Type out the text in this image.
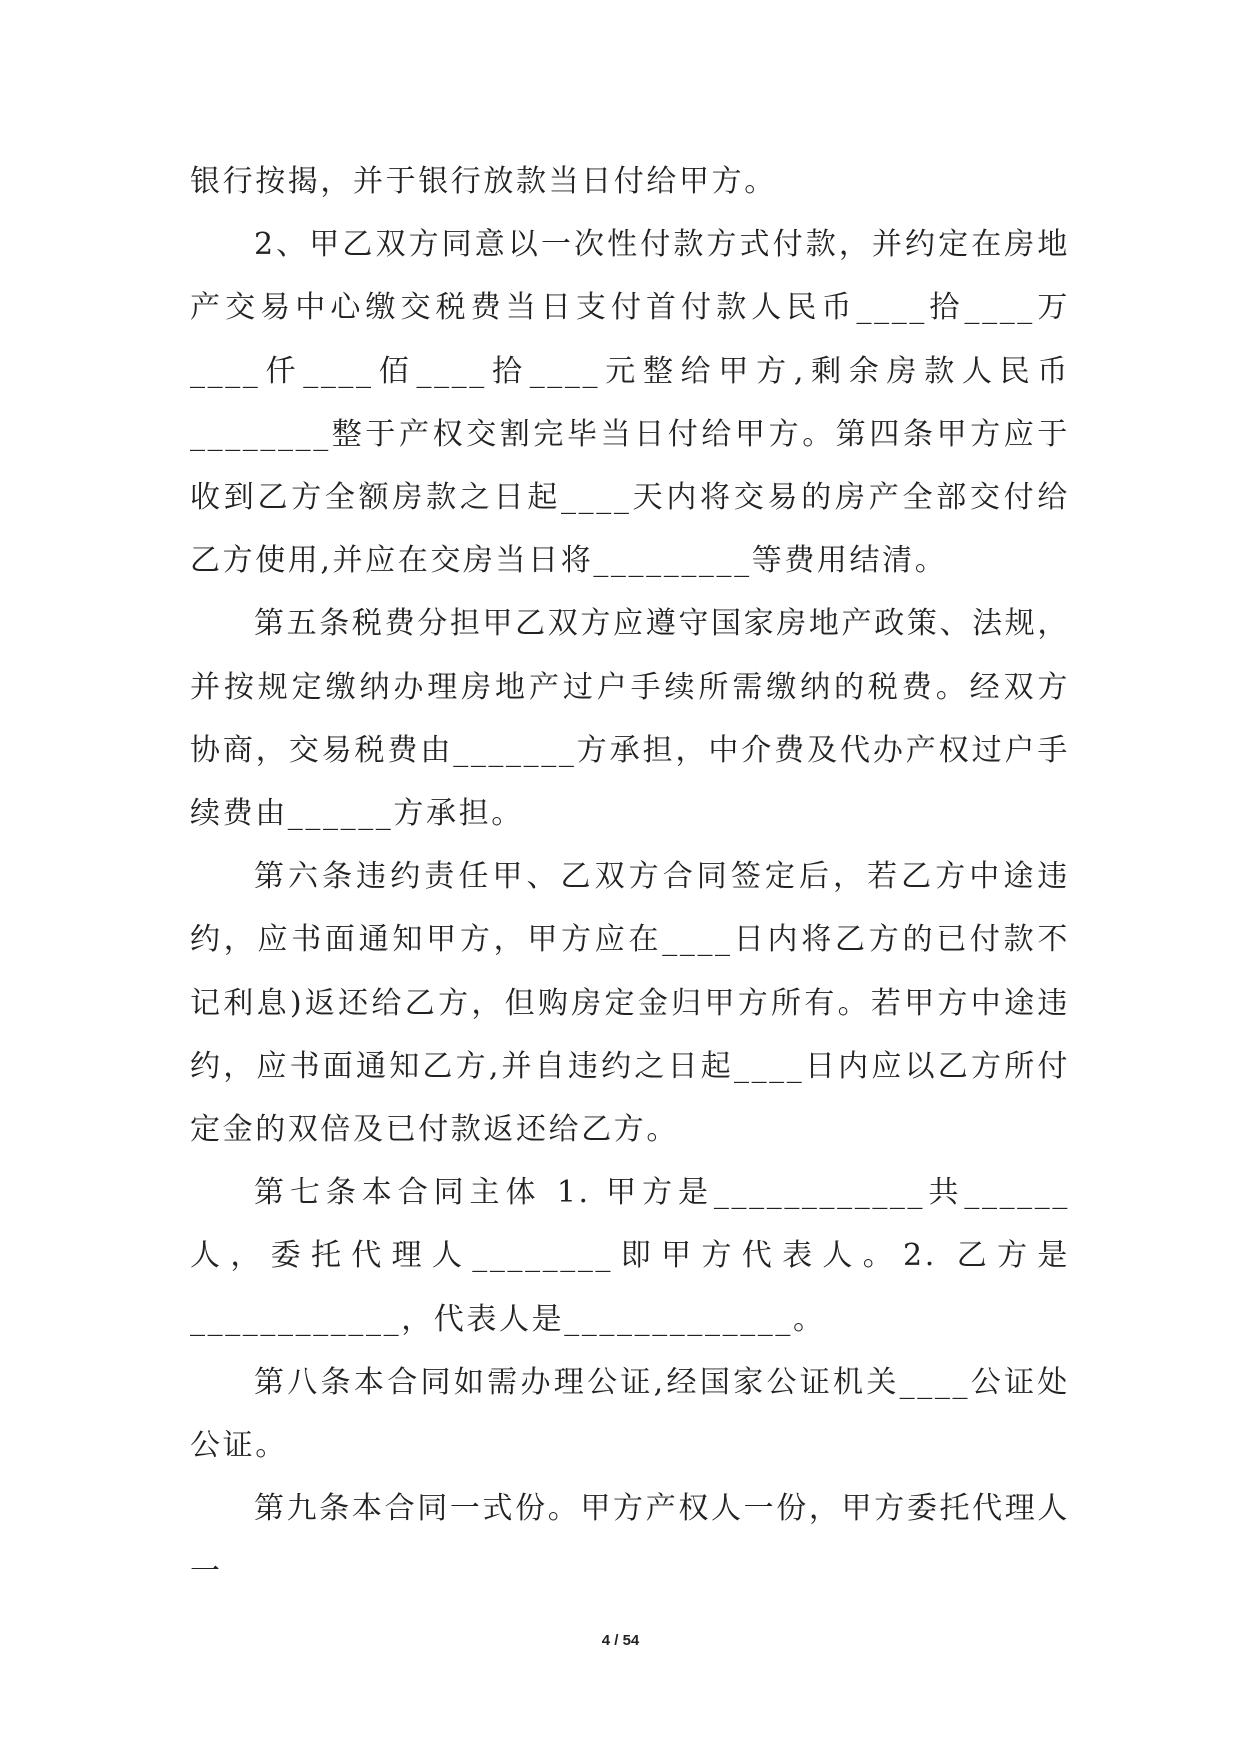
银行按揭，并于银行放款当日付给甲方。

2、甲乙双方同意以一次性付款方式付款，并约定在房地产交易中心缴交税费当日支付首付款人民币____拾____万____仟____佰____拾____元整给甲方,剩余房款人民币________整于产权交割完毕当日付给甲方。第四条甲方应于收到乙方全额房款之日起____天内将交易的房产全部交付给乙方使用,并应在交房当日将_________等费用结清。

第五条税费分担甲乙双方应遵守国家房地产政策、法规，并按规定缴纳办理房地产过户手续所需缴纳的税费。经双方协商，交易税费由_______方承担，中介费及代办产权过户手续费由______方承担。

第六条违约责任甲、乙双方合同签定后，若乙方中途违约，应书面通知甲方，甲方应在____日内将乙方的已付款不记利息)返还给乙方，但购房定金归甲方所有。若甲方中途违约，应书面通知乙方,并自违约之日起____日内应以乙方所付定金的双倍及已付款返还给乙方。

第七条本合同主体 1. 甲方是____________共______人，委托代理人________即甲方代表人。2. 乙方是____________，代表人是_____________。

第八条本合同如需办理公证,经国家公证机关____公证处公证。

第九条本合同一式份。甲方产权人一份，甲方委托代理人一

4 / 54
